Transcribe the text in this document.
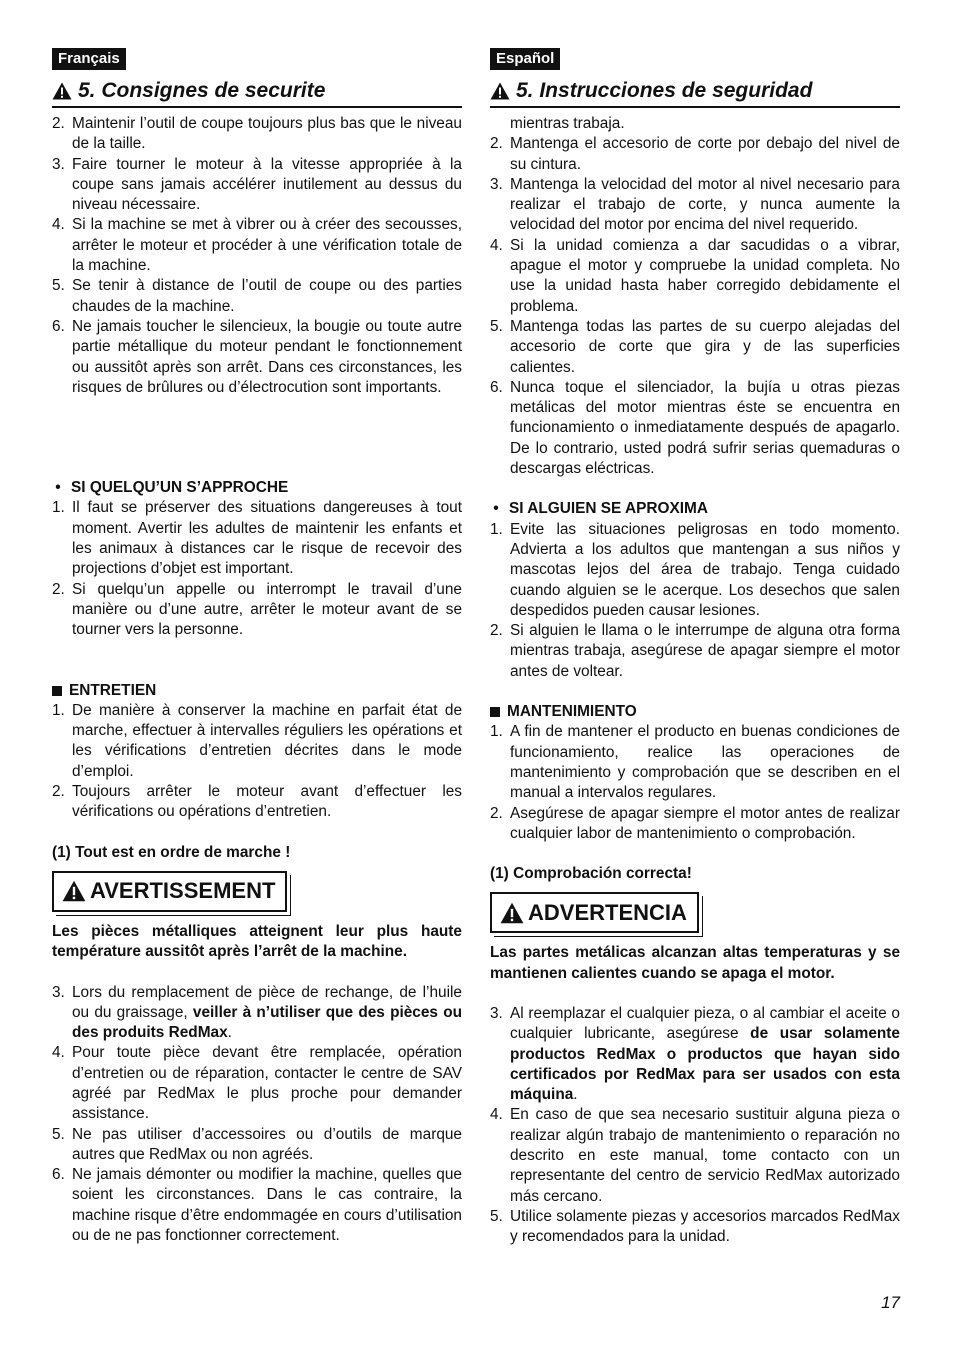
Français
5. Consignes de securite
2. Maintenir l’outil de coupe toujours plus bas que le niveau de la taille.
3. Faire tourner le moteur à la vitesse appropriée à la coupe sans jamais accélérer inutilement au dessus du niveau nécessaire.
4. Si la machine se met à vibrer ou à créer des secousses, arrêter le moteur et procéder à une vérification totale de la machine.
5. Se tenir à distance de l’outil de coupe ou des parties chaudes de la machine.
6. Ne jamais toucher le silencieux, la bougie ou toute autre partie métallique du moteur pendant le fonctionnement ou aussitôt après son arrêt. Dans ces circonstances, les risques de brûlures ou d’électrocution sont importants.
• SI QUELQU’UN S’APPROCHE
1. Il faut se préserver des situations dangereuses à tout moment. Avertir les adultes de maintenir les enfants et les animaux à distances car le risque de recevoir des projections d’objet est important.
2. Si quelqu’un appelle ou interrompt le travail d’une manière ou d’une autre, arrêter le moteur avant de se tourner vers la personne.
ENTRETIEN
1. De manière à conserver la machine en parfait état de marche, effectuer à intervalles réguliers les opérations et les vérifications d’entretien décrites dans le mode d’emploi.
2. Toujours arrêter le moteur avant d’effectuer les vérifications ou opérations d’entretien.
(1) Tout est en ordre de marche !
AVERTISSEMENT
Les pièces métalliques atteignent leur plus haute température aussitôt après l’arrêt de la machine.
3. Lors du remplacement de pièce de rechange, de l’huile ou du graissage, veiller à n’utiliser que des pièces ou des produits RedMax.
4. Pour toute pièce devant être remplacée, opération d’entretien ou de réparation, contacter le centre de SAV agréé par RedMax le plus proche pour demander assistance.
5. Ne pas utiliser d’accessoires ou d’outils de marque autres que RedMax ou non agréés.
6. Ne jamais démonter ou modifier la machine, quelles que soient les circonstances. Dans le cas contraire, la machine risque d’être endommagée en cours d’utilisation ou de ne pas fonctionner correctement.
Español
5. Instrucciones de seguridad
mientras trabaja.
2. Mantenga el accesorio de corte por debajo del nivel de su cintura.
3. Mantenga la velocidad del motor al nivel necesario para realizar el trabajo de corte, y nunca aumente la velocidad del motor por encima del nivel requerido.
4. Si la unidad comienza a dar sacudidas o a vibrar, apague el motor y compruebe la unidad completa. No use la unidad hasta haber corregido debidamente el problema.
5. Mantenga todas las partes de su cuerpo alejadas del accesorio de corte que gira y de las superficies calientes.
6. Nunca toque el silenciador, la bujía u otras piezas metálicas del motor mientras éste se encuentra en funcionamiento o inmediatamente después de apagarlo. De lo contrario, usted podrá sufrir serias quemaduras o descargas eléctricas.
• SI ALGUIEN SE APROXIMA
1. Evite las situaciones peligrosas en todo momento. Advierta a los adultos que mantengan a sus niños y mascotas lejos del área de trabajo. Tenga cuidado cuando alguien se le acerque. Los desechos que salen despedidos pueden causar lesiones.
2. Si alguien le llama o le interrumpe de alguna otra forma mientras trabaja, asegúrese de apagar siempre el motor antes de voltear.
MANTENIMIENTO
1. A fin de mantener el producto en buenas condiciones de funcionamiento, realice las operaciones de mantenimiento y comprobación que se describen en el manual a intervalos regulares.
2. Asegúrese de apagar siempre el motor antes de realizar cualquier labor de mantenimiento o comprobación.
(1) Comprobación correcta!
ADVERTENCIA
Las partes metálicas alcanzan altas temperaturas y se mantienen calientes cuando se apaga el motor.
3. Al reemplazar el cualquier pieza, o al cambiar el aceite o cualquier lubricante, asegúrese de usar solamente productos RedMax o productos que hayan sido certificados por RedMax para ser usados con esta máquina.
4. En caso de que sea necesario sustituir alguna pieza o realizar algún trabajo de mantenimiento o reparación no descrito en este manual, tome contacto con un representante del centro de servicio RedMax autorizado más cercano.
5. Utilice solamente piezas y accesorios marcados RedMax y recomendados para la unidad.
17
